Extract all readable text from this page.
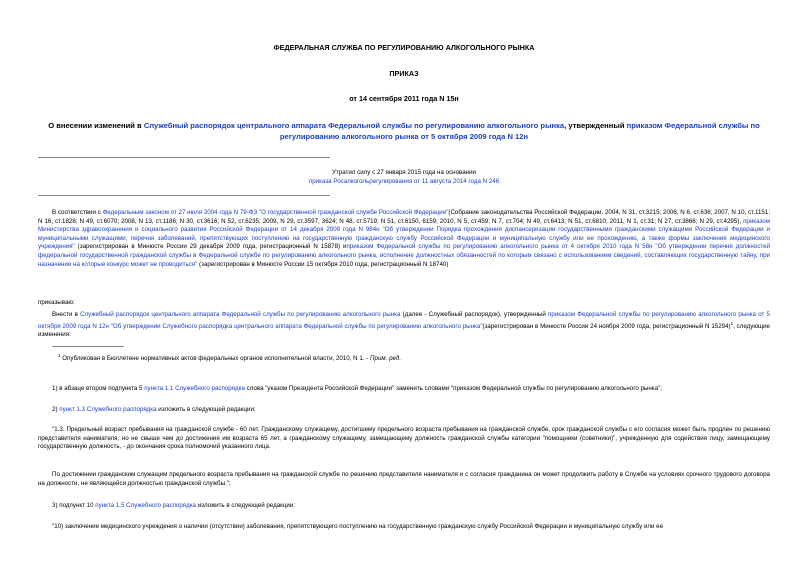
ФЕДЕРАЛЬНАЯ СЛУЖБА ПО РЕГУЛИРОВАНИЮ АЛКОГОЛЬНОГО РЫНКА
ПРИКАЗ
от 14 сентября 2011 года N 15н
О внесении изменений в Служебный распорядок центрального аппарата Федеральной службы по регулированию алкогольного рынка, утвержденный приказом Федеральной службы по регулированию алкогольного рынка от 5 октября 2009 года N 12н
Утратил силу с 27 января 2015 года на основании
приказа Росалкогольрегулирования от 11 августа 2014 года N 246
В соответствии с Федеральным законом от 27 июля 2004 года N 79-ФЗ "О государственной гражданской службе Российской Федерации"(Собрание законодательства Российской Федерации, 2004, N 31, ст.3215; 2006, N 6, ст.636; 2007, N 10, ст.1151; N 16, ст.1828; N 49, ст.6070; 2008, N 13, ст.1186; N 30, ст.3616; N 52, ст.6235; 2009, N 29, ст.3597, 3624; N 48, ст.5719; N 51, ст.6150, 6159; 2010, N 5, ст.459; N 7, ст.704; N 49, ст.6413; N 51, ст.6810; 2011, N 1, ст.31; N 27, ст.3866; N 29, ст.4295), приказом Министерства здравоохранения и социального развития Российской Федерации от 14 декабря 2009 года N 984н "Об утверждении Порядка прохождения диспансеризации государственными гражданскими служащими Российской Федерации и муниципальными служащими, перечня заболеваний, препятствующих поступлению на государственную гражданскую службу Российской Федерации и муниципальную службу или ее прохождению, а также формы заключения медицинского учреждения" (зарегистрирован в Минюсте России 29 декабря 2009 года, регистрационный N 15878) иприказом Федеральной службы по регулированию алкогольного рынка от 4 октября 2010 года N 58н "Об утверждении перечня должностей федеральной государственной гражданской службы в Федеральной службе по регулированию алкогольного рынка, исполнение должностных обязанностей по которым связано с использованием сведений, составляющих государственную тайну, при назначении на которые конкурс может не проводиться" (зарегистрирован в Минюсте России 15 октября 2010 года, регистрационный N 18740)
приказываю:
Внести в Служебный распорядок центрального аппарата Федеральной службы по регулированию алкогольного рынка (далее - Служебный распорядок), утвержденный приказом Федеральной службы по регулированию алкогольного рынка от 5 октября 2009 года N 12н "Об утверждении Служебного распорядка центрального аппарата Федеральной службы по регулированию алкогольного рынка"(зарегистрирован в Минюсте России 24 ноября 2009 года, регистрационный N 15294)$^1$, следующие изменения:
$^1$ Опубликован в Бюллетене нормативных актов федеральных органов исполнительной власти, 2010, N 1. - Прим. ред.
1) в абзаце втором подпункта 5 пункта 1.1 Служебного распорядка слова "указом Президента Российской Федерации" заменить словами "приказом Федеральной службы по регулированию алкогольного рынка";
2) пункт 1.3 Служебного распорядка изложить в следующей редакции:
"1.3. Предельный возраст пребывания на гражданской службе - 60 лет. Гражданскому служащему, достигшему предельного возраста пребывания на гражданской службе, срок гражданской службы с его согласия может быть продлен по решению представителя нанимателя, но не свыше чем до достижения им возраста 65 лет, а гражданскому служащему, замещающему должность гражданской службы категории "помощники (советники)", учрежденную для содействия лицу, замещающему государственную должность, - до окончания срока полномочий указанного лица.
По достижении гражданским служащим предельного возраста пребывания на гражданской службе по решению представителя нанимателя и с согласия гражданина он может продолжить работу в Службе на условиях срочного трудового договора на должности, не являющейся должностью гражданской службы.";
3) подпункт 10 пункта 1.5 Служебного распорядка изложить в следующей редакции:
"10) заключение медицинского учреждения о наличии (отсутствии) заболевания, препятствующего поступлению на государственную гражданскую службу Российской Федерации и муниципальную службу или ее
